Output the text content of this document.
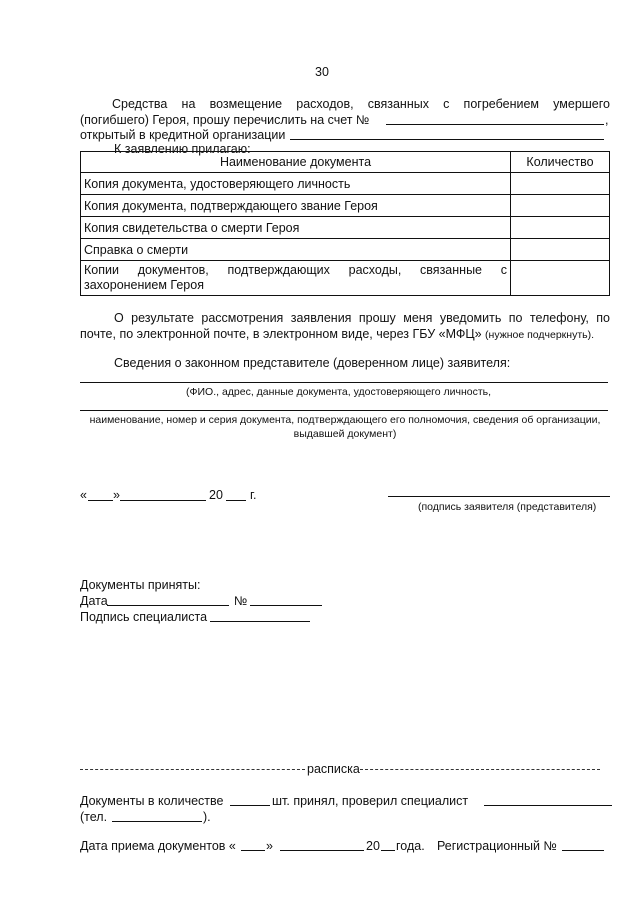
30
Средства на возмещение расходов, связанных с погребением умершего
(погибшего) Героя, прошу перечислить на счет №	,
открытый в кредитной организации
К заявлению прилагаю:
Наименование документа	Количество
Копия документа, удостоверяющего личность	
Копия документа, подтверждающего звание Героя	
Копия свидетельства о смерти Героя	
Справка о смерти	

Копии документов, подтверждающих расходы, связанные с
захоронением Героя	

О результате рассмотрения заявления прошу меня уведомить по телефону, по
почте, по электронной почте, в электронном виде, через ГБУ «МФЦ» (нужное подчеркнуть).
Сведения о законном представителе (доверенном лице) заявителя:
(ФИО., адрес, данные документа, удостоверяющего личность,
наименование, номер и серия документа, подтверждающего его полномочия, сведения об организации,
выдавшей документ)
« »	20 г.
(подпись заявителя (представителя)
Документы приняты:
Дата	№
Подпись специалиста
расписка
Документы в количестве	шт. принял, проверил специалист
(тел.	).
Дата приема документов « »	20 года. Регистрационный №
